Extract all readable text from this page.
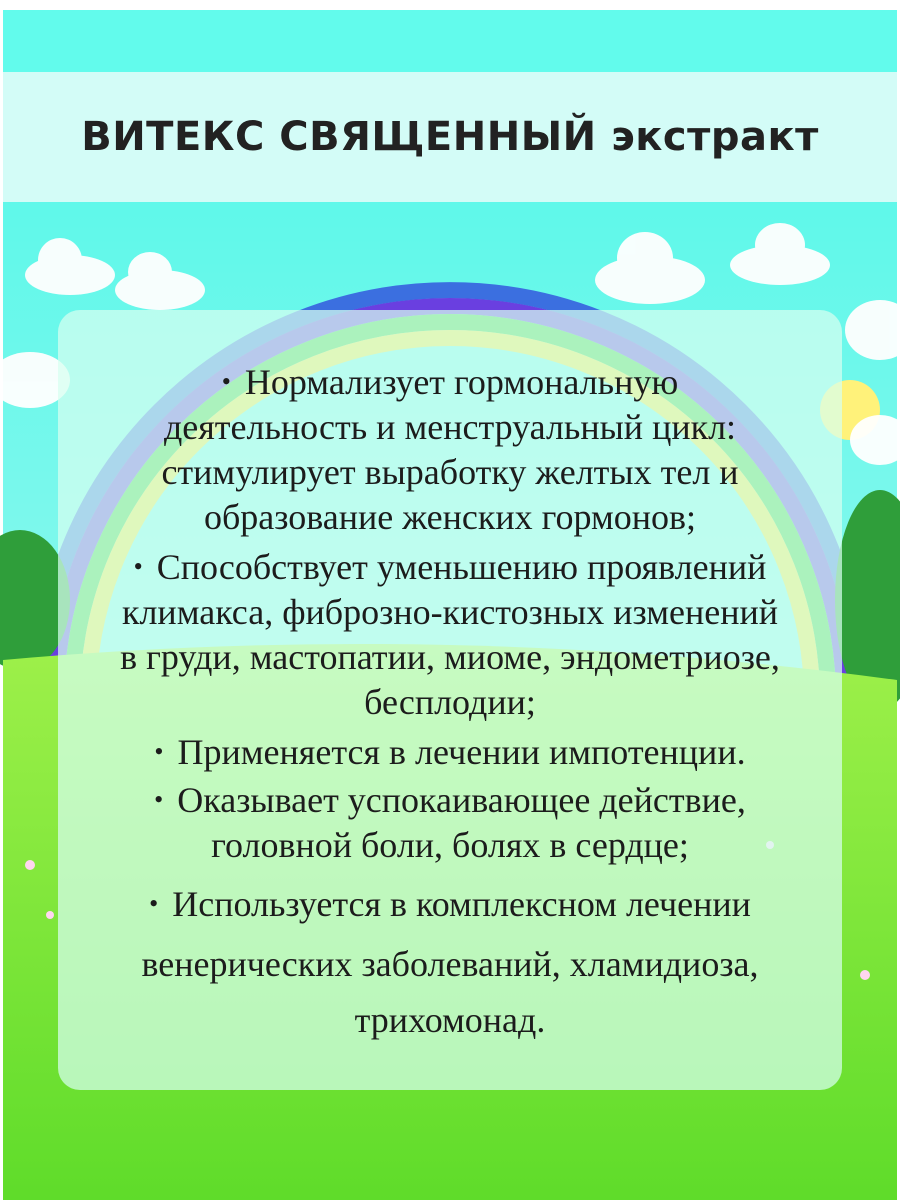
ВИТЕКС СВЯЩЕННЫЙ экстракт
• Нормализует гормональную
деятельность и менструальный цикл:
стимулирует выработку желтых тел и
образование женских гормонов;
• Способствует уменьшению проявлений
климакса, фиброзно-кистозных изменений
в груди, мастопатии, миоме, эндометриозе,
бесплодии;
• Применяется в лечении импотенции.
• Оказывает успокаивающее действие,
головной боли, болях в сердце;
• Используется в комплексном лечении
венерических заболеваний, хламидиоза,
трихомонад.
